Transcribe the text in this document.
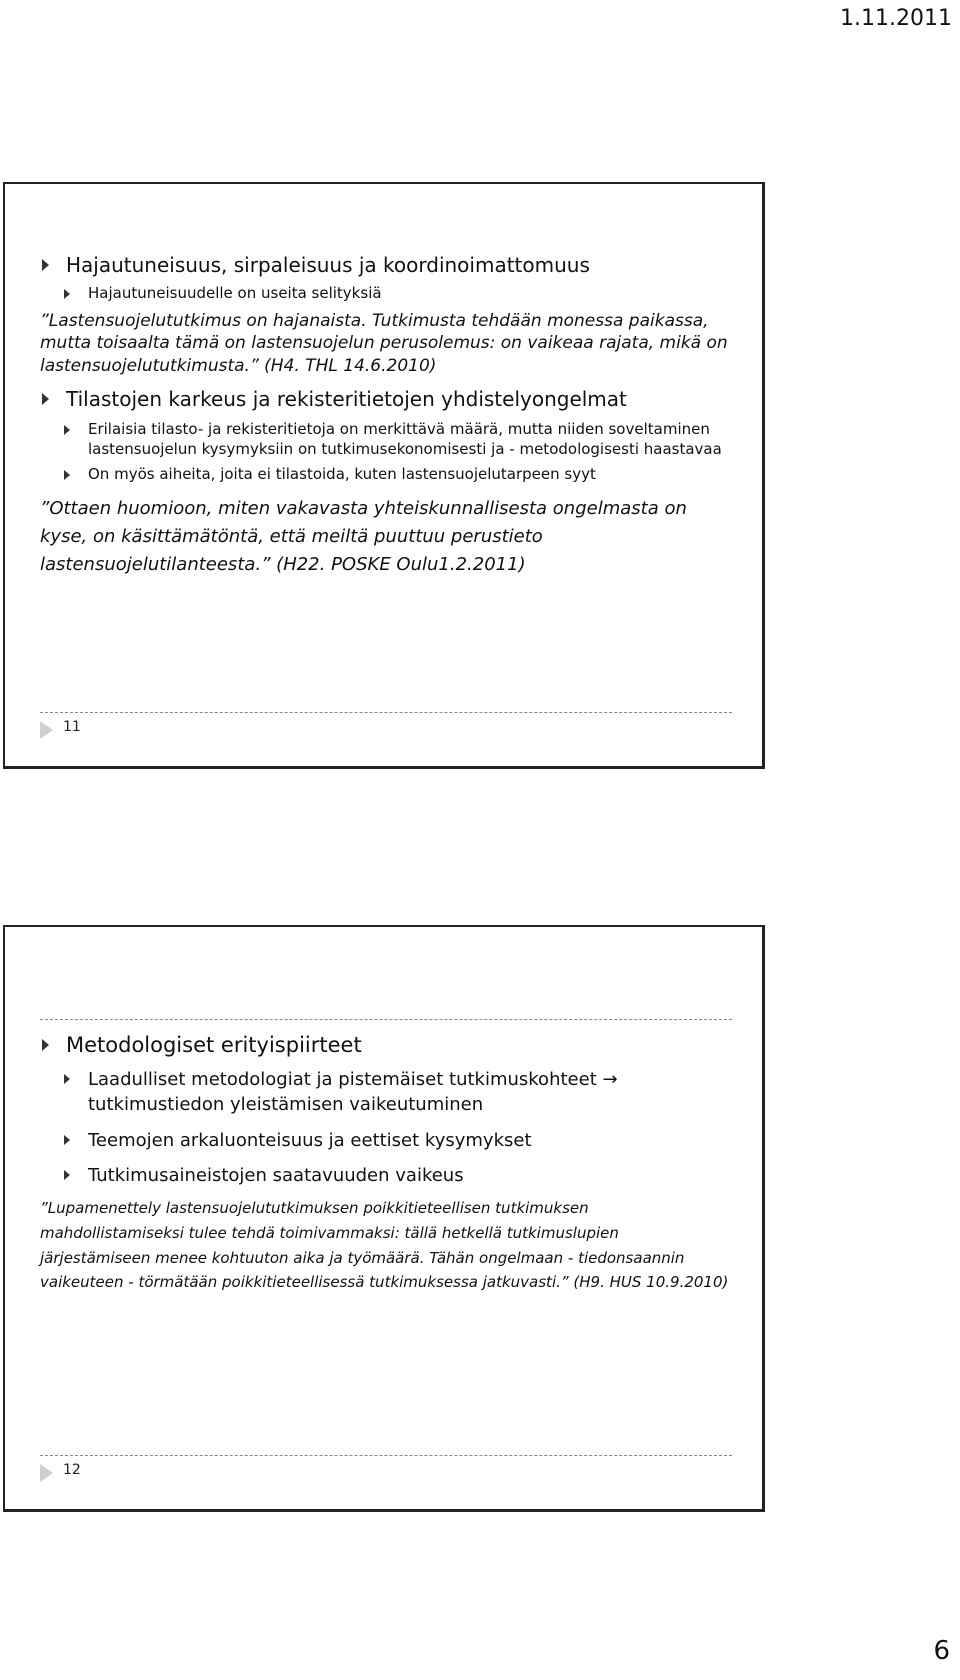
1.11.2011
Hajautuneisuus, sirpaleisuus ja koordinoimattomuus
Hajautuneisuudelle on useita selityksiä
”Lastensuojelututkimus on hajanaista. Tutkimusta tehdään monessa paikassa, mutta toisaalta tämä on lastensuojelun perusolemus: on vaikeaa rajata, mikä on lastensuojelututkimusta.” (H4. THL 14.6.2010)
Tilastojen karkeus ja rekisteritietojen yhdistelyongelmat
Erilaisia tilasto- ja rekisteritietoja on merkittävä määrä, mutta niiden soveltaminen lastensuojelun kysymyksiin on tutkimusekonomisesti ja - metodologisesti haastavaa
On myös aiheita, joita ei tilastoida, kuten lastensuojelutarpeen syyt
”Ottaen huomioon, miten vakavasta yhteiskunnallisesta ongelmasta on kyse, on käsittämätöntä, että meiltä puuttuu perustieto lastensuojelutilanteesta.” (H22. POSKE Oulu1.2.2011)
11
Metodologiset erityispiirteet
Laadulliset metodologiat ja pistemäiset tutkimuskohteet → tutkimustiedon yleistämisen vaikeutuminen
Teemojen arkaluonteisuus ja eettiset kysymykset
Tutkimusaineistojen saatavuuden vaikeus
”Lupamenettely lastensuojelututkimuksen poikkitieteellisen tutkimuksen mahdollistamiseksi tulee tehdä toimivammaksi: tällä hetkellä tutkimuslupien järjestämiseen menee kohtuuton aika ja työmäärä. Tähän ongelmaan - tiedonsaannin vaikeuteen - törmätään poikkitieteellisessä tutkimuksessa jatkuvasti.” (H9. HUS 10.9.2010)
12
6
